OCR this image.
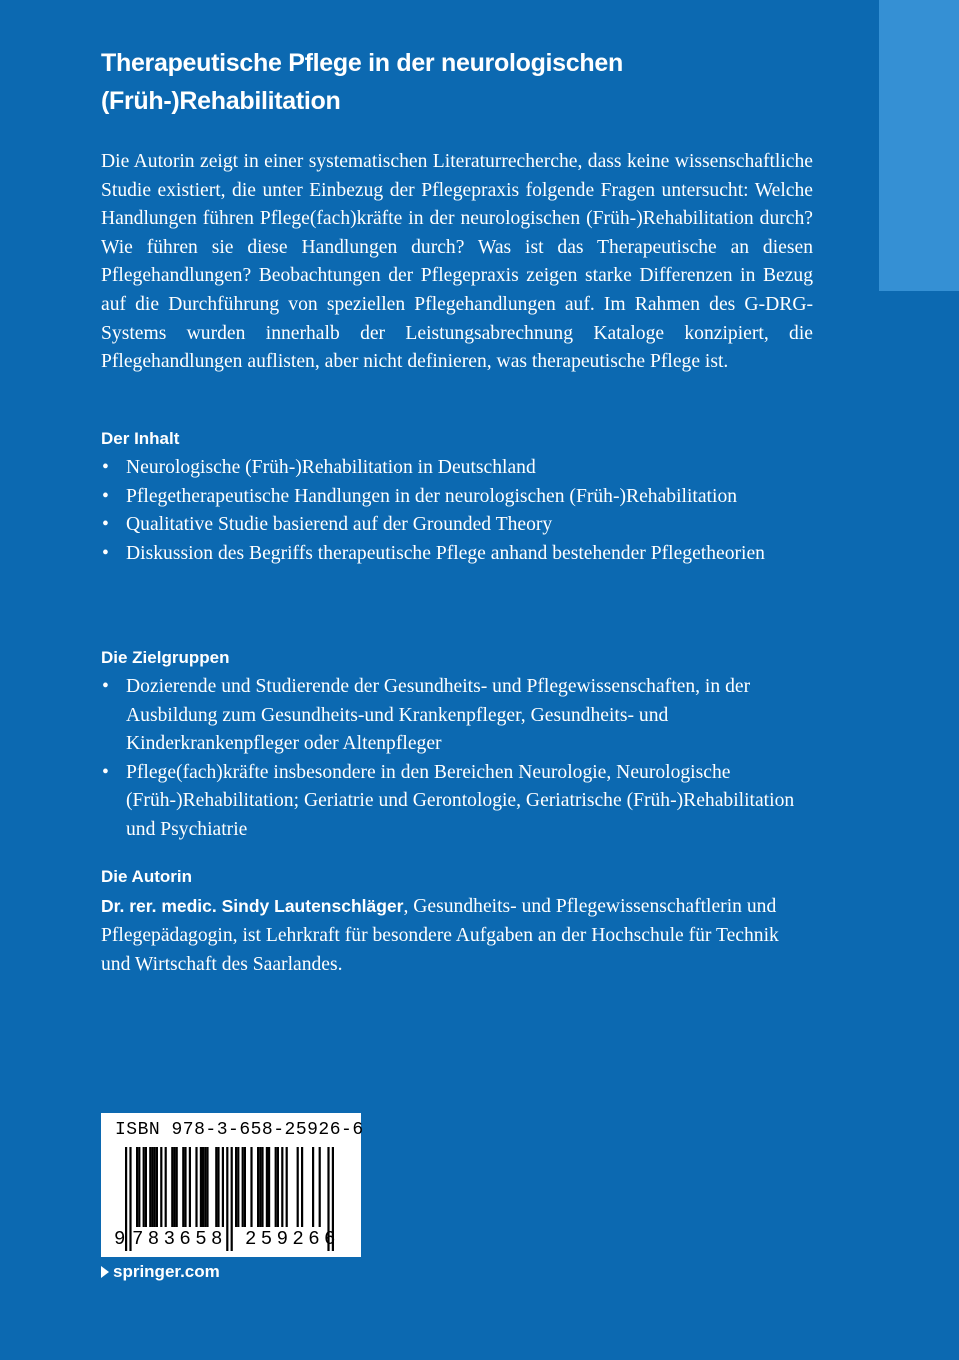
Therapeutische Pflege in der neurologischen
(Früh-)Rehabilitation

Die Autorin zeigt in einer systematischen Literaturrecherche, dass keine wissenschaftliche Studie existiert, die unter Einbezug der Pflegepraxis folgende Fragen untersucht: Welche Handlungen führen Pflege(fach)kräfte in der neurologischen (Früh-)Rehabilitation durch? Wie führen sie diese Handlungen durch? Was ist das Therapeutische an diesen Pflegehandlungen? Beobachtungen der Pflegepraxis zeigen starke Differenzen in Bezug auf die Durchführung von speziellen Pflegehandlungen auf. Im Rahmen des G-DRG-Systems wurden innerhalb der Leistungsabrechnung Kataloge konzipiert, die Pflegehandlungen auflisten, aber nicht definieren, was therapeutische Pflege ist.

Der Inhalt
• Neurologische (Früh-)Rehabilitation in Deutschland
• Pflegetherapeutische Handlungen in der neurologischen (Früh-)Rehabilitation
• Qualitative Studie basierend auf der Grounded Theory
• Diskussion des Begriffs therapeutische Pflege anhand bestehender Pflegetheorien
Die Zielgruppen
• Dozierende und Studierende der Gesundheits- und Pflegewissenschaften, in der Ausbildung zum Gesundheits-und Krankenpfleger, Gesundheits- und Kinderkrankenpfleger oder Altenpfleger
• Pflege(fach)kräfte insbesondere in den Bereichen Neurologie, Neurologische (Früh-)Rehabilitation; Geriatrie und Gerontologie, Geriatrische (Früh-)Rehabilitation und Psychiatrie
Die Autorin

Dr. rer. medic. Sindy Lautenschläger, Gesundheits- und Pflegewissenschaftlerin und Pflegepädagogin, ist Lehrkraft für besondere Aufgaben an der Hochschule für Technik und Wirtschaft des Saarlandes.

ISBN 978-3-658-25926-6
9 783658 259266
springer.com
